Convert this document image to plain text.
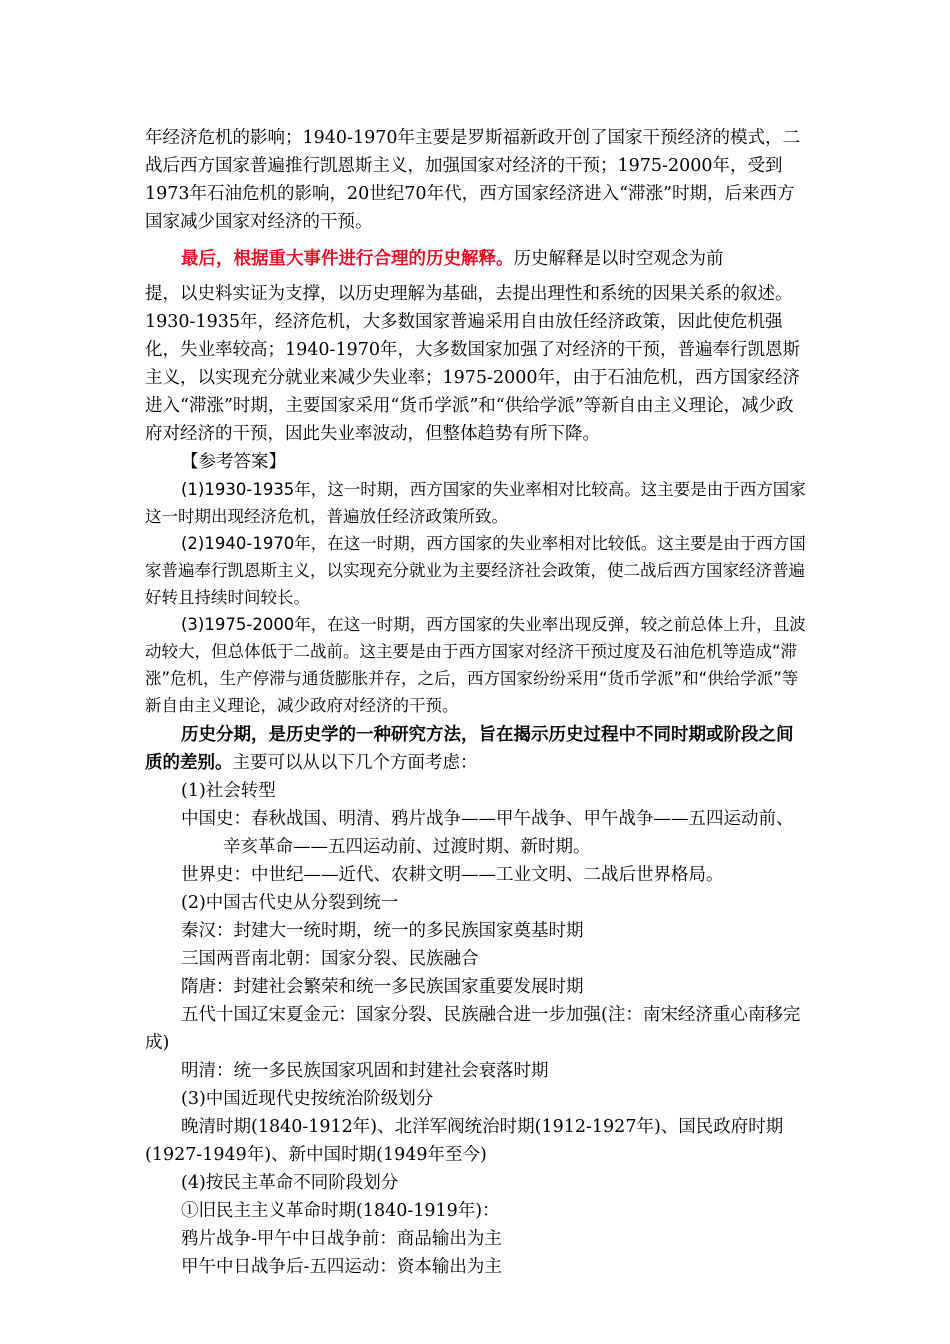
年经济危机的影响；1940-1970年主要是罗斯福新政开创了国家干预经济的模式，二战后西方国家普遍推行凯恩斯主义，加强国家对经济的干预；1975-2000年，受到1973年石油危机的影响，20世纪70年代，西方国家经济进入“滞涨”时期，后来西方国家减少国家对经济的干预。

最后，根据重大事件进行合理的历史解释。历史解释是以时空观念为前
提，以史料实证为支撑，以历史理解为基础，去提出理性和系统的因果关系的叙述。1930-1935年，经济危机，大多数国家普遍采用自由放任经济政策，因此使危机强化，失业率较高；1940-1970年，大多数国家加强了对经济的干预，普遍奉行凯恩斯主义，以实现充分就业来减少失业率；1975-2000年，由于石油危机，西方国家经济进入“滞涨”时期，主要国家采用“货币学派”和“供给学派”等新自由主义理论，减少政府对经济的干预，因此失业率波动，但整体趋势有所下降。

【参考答案】

(1)1930-1935年，这一时期，西方国家的失业率相对比较高。这主要是由于西方国家这一时期出现经济危机，普遍放任经济政策所致。

(2)1940-1970年，在这一时期，西方国家的失业率相对比较低。这主要是由于西方国家普遍奉行凯恩斯主义，以实现充分就业为主要经济社会政策，使二战后西方国家经济普遍好转且持续时间较长。

(3)1975-2000年，在这一时期，西方国家的失业率出现反弹，较之前总体上升，且波动较大，但总体低于二战前。这主要是由于西方国家对经济干预过度及石油危机等造成“滞涨”危机，生产停滞与通货膨胀并存，之后，西方国家纷纷采用“货币学派”和“供给学派”等新自由主义理论，减少政府对经济的干预。

历史分期，是历史学的一种研究方法，旨在揭示历史过程中不同时期或阶段之间质的差别。主要可以从以下几个方面考虑：

(1)社会转型

中国史：春秋战国、明清、鸦片战争——甲午战争、甲午战争——五四运动前、辛亥革命——五四运动前、过渡时期、新时期。

世界史：中世纪——近代、农耕文明——工业文明、二战后世界格局。

(2)中国古代史从分裂到统一

秦汉：封建大一统时期，统一的多民族国家奠基时期

三国两晋南北朝：国家分裂、民族融合

隋唐：封建社会繁荣和统一多民族国家重要发展时期

五代十国辽宋夏金元：国家分裂、民族融合进一步加强(注：南宋经济重心南移完成)

明清：统一多民族国家巩固和封建社会衰落时期

(3)中国近现代史按统治阶级划分

晚清时期(1840-1912年)、北洋军阀统治时期(1912-1927年)、国民政府时期(1927-1949年)、新中国时期(1949年至今)

(4)按民主革命不同阶段划分

①旧民主主义革命时期(1840-1919年)：

鸦片战争-甲午中日战争前：商品输出为主

甲午中日战争后-五四运动：资本输出为主
